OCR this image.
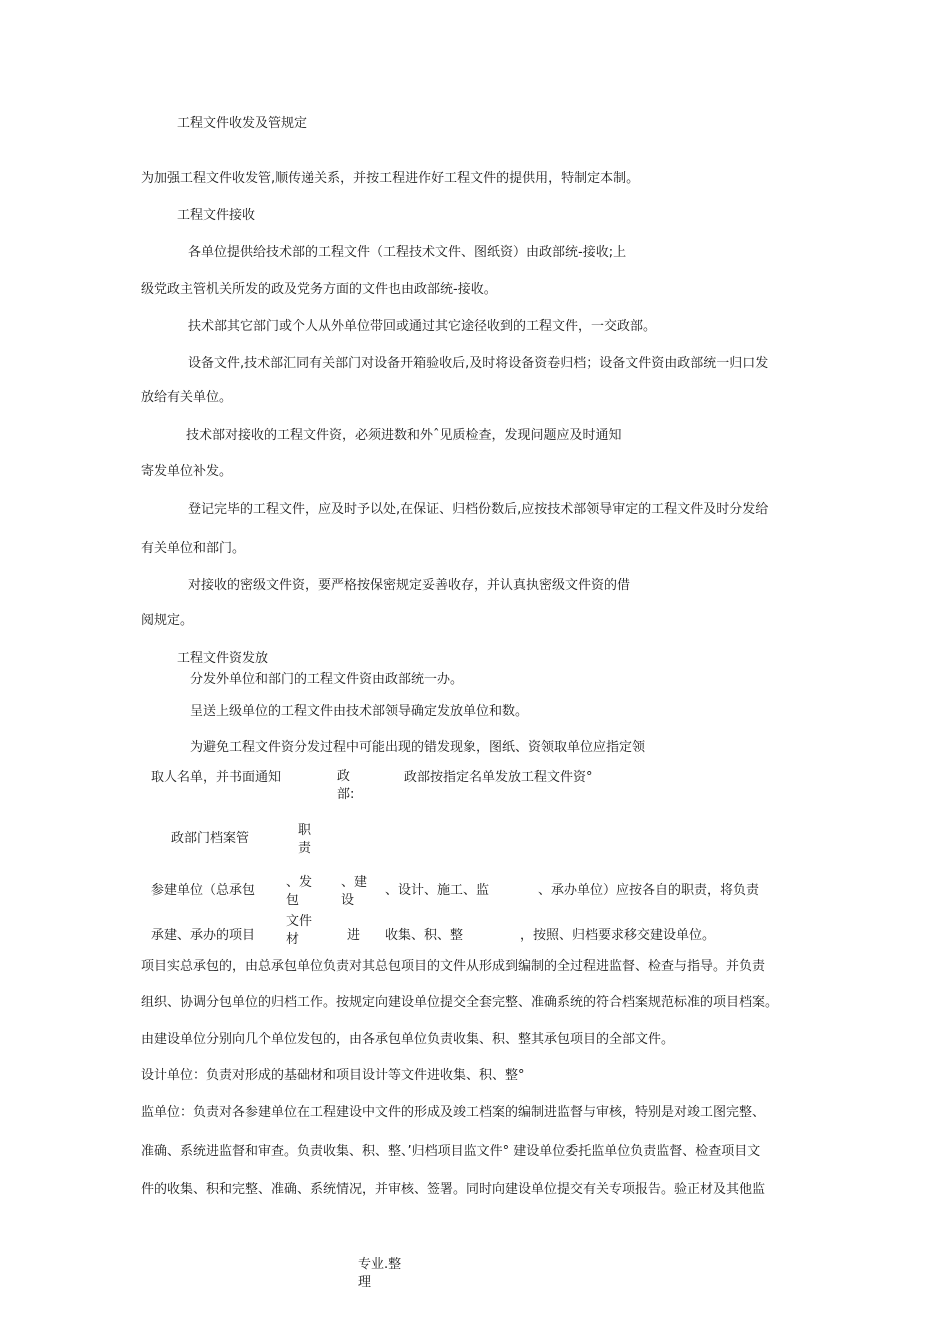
工程文件收发及管规定
为加强工程文件收发管,顺传递关系，并按工程进作好工程文件的提供用，特制定本制。
工程文件接收
各单位提供给技术部的工程文件（工程技术文件、图纸资）由政部统-接收;上
级党政主管机关所发的政及党务方面的文件也由政部统-接收。
扶术部其它部门或个人从外单位带回或通过其它途径收到的工程文件，一交政部。
设备文件,技术部汇同有关部门对设备开箱验收后,及时将设备资卷归档；设备文件资由政部统一归口发
放给有关单位。
技术部对接收的工程文件资，必须进数和外ˆ见质检查，发现问题应及时通知
寄发单位补发。
登记完毕的工程文件，应及时予以处,在保证、归档份数后,应按技术部领导审定的工程文件及时分发给
有关单位和部门。
对接收的密级文件资，要严格按保密规定妥善收存，并认真执密级文件资的借
阅规定。
工程文件资发放
分发外单位和部门的工程文件资由政部统一办。
呈送上级单位的工程文件由技术部领导确定发放单位和数。
为避免工程文件资分发过程中可能出现的错发现象，图纸、资领取单位应指定领
取人名单，并书面通知	政
部:
政部按指定名单发放工程文件资°
政部门档案管
职
责
参建单位（总承包
、发
包
、建
设
、设计、施工、监	、承办单位）应按各自的职责，将负责
承建、承办的项目
文件
材	进 收集、积、整	，按照、归档要求移交建设单位。
项目实总承包的，由总承包单位负责对其总包项目的文件从形成到编制的全过程进监督、检查与指导。并负责
组织、协调分包单位的归档工作。按规定向建设单位提交全套完整、准确系统的符合档案规范标准的项目档案。
由建设单位分别向几个单位发包的，由各承包单位负责收集、积、整其承包项目的全部文件。
设计单位：负责对形成的基础材和项目设计等文件进收集、积、整°
监单位：负责对各参建单位在工程建设中文件的形成及竣工档案的编制进监督与审核，特别是对竣工图完整、
准确、系统进监督和审查。负责收集、积、整、’归档项目监文件° 建设单位委托监单位负责监督、检查项目文
件的收集、积和完整、准确、系统情况，并审核、签署。同时向建设单位提交有关专项报告。验正材及其他监
专业.整
理
